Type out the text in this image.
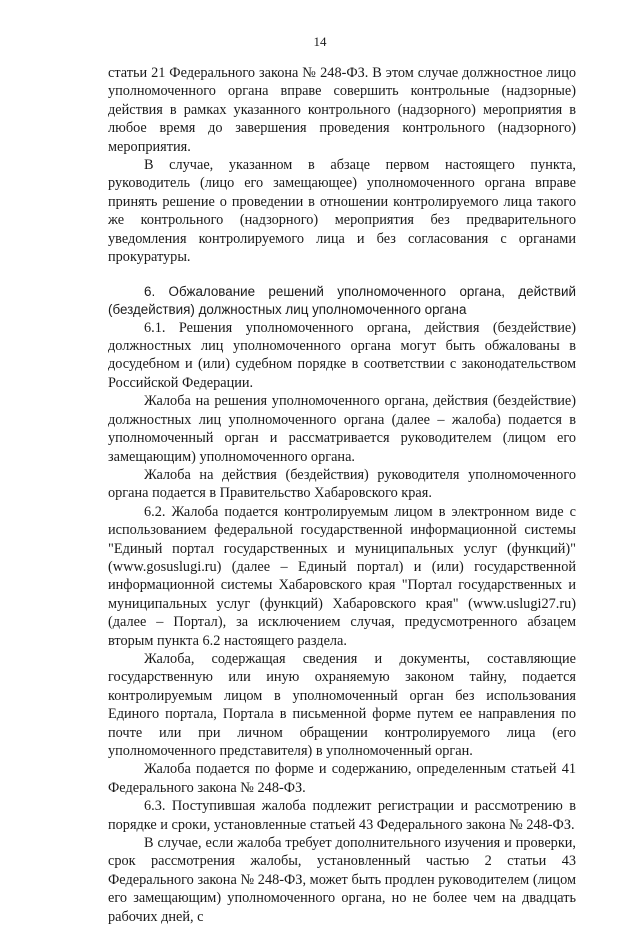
14

статьи 21 Федерального закона № 248-ФЗ. В этом случае должностное лицо уполномоченного органа вправе совершить контрольные (надзорные) действия в рамках указанного контрольного (надзорного) мероприятия в любое время до завершения проведения контрольного (надзорного) мероприятия.

В случае, указанном в абзаце первом настоящего пункта, руководитель (лицо его замещающее) уполномоченного органа вправе принять решение о проведении в отношении контролируемого лица такого же контрольного (надзорного) мероприятия без предварительного уведомления контролируемого лица и без согласования с органами прокуратуры.

6. Обжалование решений уполномоченного органа, действий (бездействия) должностных лиц уполномоченного органа

6.1. Решения уполномоченного органа, действия (бездействие) должностных лиц уполномоченного органа могут быть обжалованы в досудебном и (или) судебном порядке в соответствии с законодательством Российской Федерации.

Жалоба на решения уполномоченного органа, действия (бездействие) должностных лиц уполномоченного органа (далее – жалоба) подается в уполномоченный орган и рассматривается руководителем (лицом его замещающим) уполномоченного органа.

Жалоба на действия (бездействия) руководителя уполномоченного органа подается в Правительство Хабаровского края.

6.2. Жалоба подается контролируемым лицом в электронном виде с использованием федеральной государственной информационной системы "Единый портал государственных и муниципальных услуг (функций)" (www.gosuslugi.ru) (далее – Единый портал) и (или) государственной информационной системы Хабаровского края "Портал государственных и муниципальных услуг (функций) Хабаровского края" (www.uslugi27.ru) (далее – Портал), за исключением случая, предусмотренного абзацем вторым пункта 6.2 настоящего раздела.

Жалоба, содержащая сведения и документы, составляющие государственную или иную охраняемую законом тайну, подается контролируемым лицом в уполномоченный орган без использования Единого портала, Портала в письменной форме путем ее направления по почте или при личном обращении контролируемого лица (его уполномоченного представителя) в уполномоченный орган.

Жалоба подается по форме и содержанию, определенным статьей 41 Федерального закона № 248-ФЗ.

6.3. Поступившая жалоба подлежит регистрации и рассмотрению в порядке и сроки, установленные статьей 43 Федерального закона № 248-ФЗ.

В случае, если жалоба требует дополнительного изучения и проверки, срок рассмотрения жалобы, установленный частью 2 статьи 43 Федерального закона № 248-ФЗ, может быть продлен руководителем (лицом его замещающим) уполномоченного органа, но не более чем на двадцать рабочих дней, с
